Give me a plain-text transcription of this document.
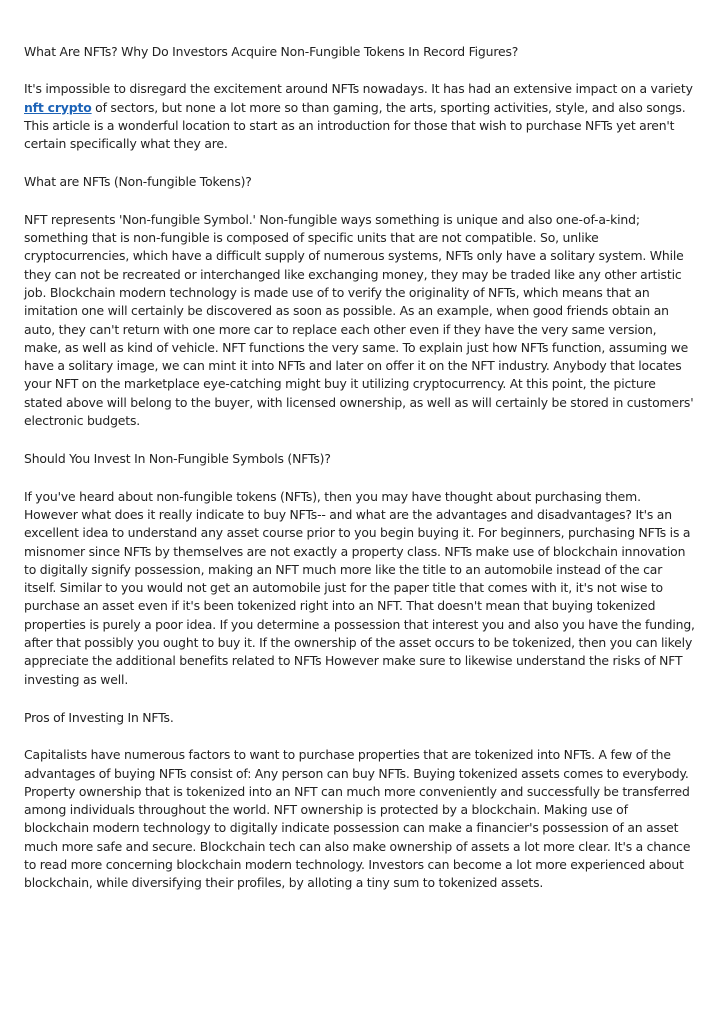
What Are NFTs? Why Do Investors Acquire Non-Fungible Tokens In Record Figures?

It's impossible to disregard the excitement around NFTs nowadays. It has had an extensive impact on a variety nft crypto of sectors, but none a lot more so than gaming, the arts, sporting activities, style, and also songs. This article is a wonderful location to start as an introduction for those that wish to purchase NFTs yet aren't certain specifically what they are.

What are NFTs (Non-fungible Tokens)?

NFT represents 'Non-fungible Symbol.' Non-fungible ways something is unique and also one-of-a-kind; something that is non-fungible is composed of specific units that are not compatible. So, unlike cryptocurrencies, which have a difficult supply of numerous systems, NFTs only have a solitary system. While they can not be recreated or interchanged like exchanging money, they may be traded like any other artistic job. Blockchain modern technology is made use of to verify the originality of NFTs, which means that an imitation one will certainly be discovered as soon as possible. As an example, when good friends obtain an auto, they can't return with one more car to replace each other even if they have the very same version, make, as well as kind of vehicle. NFT functions the very same. To explain just how NFTs function, assuming we have a solitary image, we can mint it into NFTs and later on offer it on the NFT industry. Anybody that locates your NFT on the marketplace eye-catching might buy it utilizing cryptocurrency. At this point, the picture stated above will belong to the buyer, with licensed ownership, as well as will certainly be stored in customers' electronic budgets.

Should You Invest In Non-Fungible Symbols (NFTs)?

If you've heard about non-fungible tokens (NFTs), then you may have thought about purchasing them. However what does it really indicate to buy NFTs-- and what are the advantages and disadvantages? It's an excellent idea to understand any asset course prior to you begin buying it. For beginners, purchasing NFTs is a misnomer since NFTs by themselves are not exactly a property class. NFTs make use of blockchain innovation to digitally signify possession, making an NFT much more like the title to an automobile instead of the car itself. Similar to you would not get an automobile just for the paper title that comes with it, it's not wise to purchase an asset even if it's been tokenized right into an NFT. That doesn't mean that buying tokenized properties is purely a poor idea. If you determine a possession that interest you and also you have the funding, after that possibly you ought to buy it. If the ownership of the asset occurs to be tokenized, then you can likely appreciate the additional benefits related to NFTs However make sure to likewise understand the risks of NFT investing as well.

Pros of Investing In NFTs.

Capitalists have numerous factors to want to purchase properties that are tokenized into NFTs. A few of the advantages of buying NFTs consist of: Any person can buy NFTs. Buying tokenized assets comes to everybody. Property ownership that is tokenized into an NFT can much more conveniently and successfully be transferred among individuals throughout the world. NFT ownership is protected by a blockchain. Making use of blockchain modern technology to digitally indicate possession can make a financier's possession of an asset much more safe and secure. Blockchain tech can also make ownership of assets a lot more clear. It's a chance to read more concerning blockchain modern technology. Investors can become a lot more experienced about blockchain, while diversifying their profiles, by alloting a tiny sum to tokenized assets.
